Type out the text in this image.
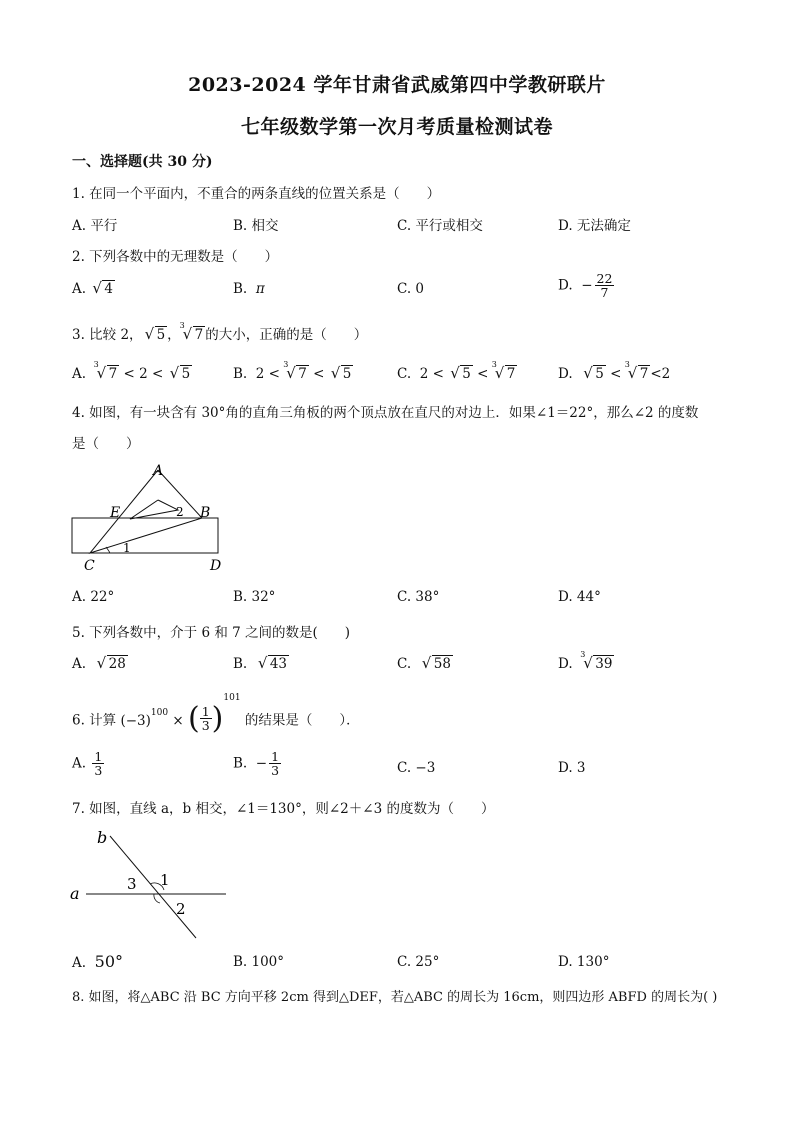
2023-2024 学年甘肃省武威第四中学教研联片
七年级数学第一次月考质量检测试卷
一、选择题(共 30 分)
1. 在同一个平面内，不重合的两条直线的位置关系是（　　）
A. 平行	B. 相交	C. 平行或相交	D. 无法确定
2. 下列各数中的无理数是（　　）
A. √ 4	B. π	C. 0	D.  − $\frac{22}{7}$
3. 比较 2， √ 5 ，
3
√ 7 的大小，正确的是（　　）
A.
3
√ 7 < 2 < √ 5	B.  2 <
3
√ 7 < √ 5	C.  2 < √ 5 <
3
√ 7	D. √ 5 <
3
√ 7 <2
4. 如图，有一块含有 30°角的直角三角板的两个顶点放在直尺的对边上．如果∠1＝22°，那么∠2 的度数
是（　　）
A
B
C	D
E
1
2
A. 22°	B. 32°	C. 38°	D. 44°
5. 下列各数中，介于 6 和 7 之间的数是(　　)
A. √ 28	B. √ 43	C. √ 58	D.
3
√ 39
6. 计算 $(-3)^{100}$ × ( $\frac{1}{3} )^{101}$ 的结果是（　　）．
A. $\frac{1}{3}$	B.  − $\frac{1}{3}$	C. −3	D. 3
7. 如图，直线 a，b 相交，∠1＝130°，则∠2＋∠3 的度数为（　　）
b
a
1
2
3
A. 50°	B. 100°	C. 25°	D. 130°
8. 如图，将△ABC 沿 BC 方向平移 2cm 得到△DEF，若△ABC 的周长为 16cm，则四边形 ABFD 的周长为( )
